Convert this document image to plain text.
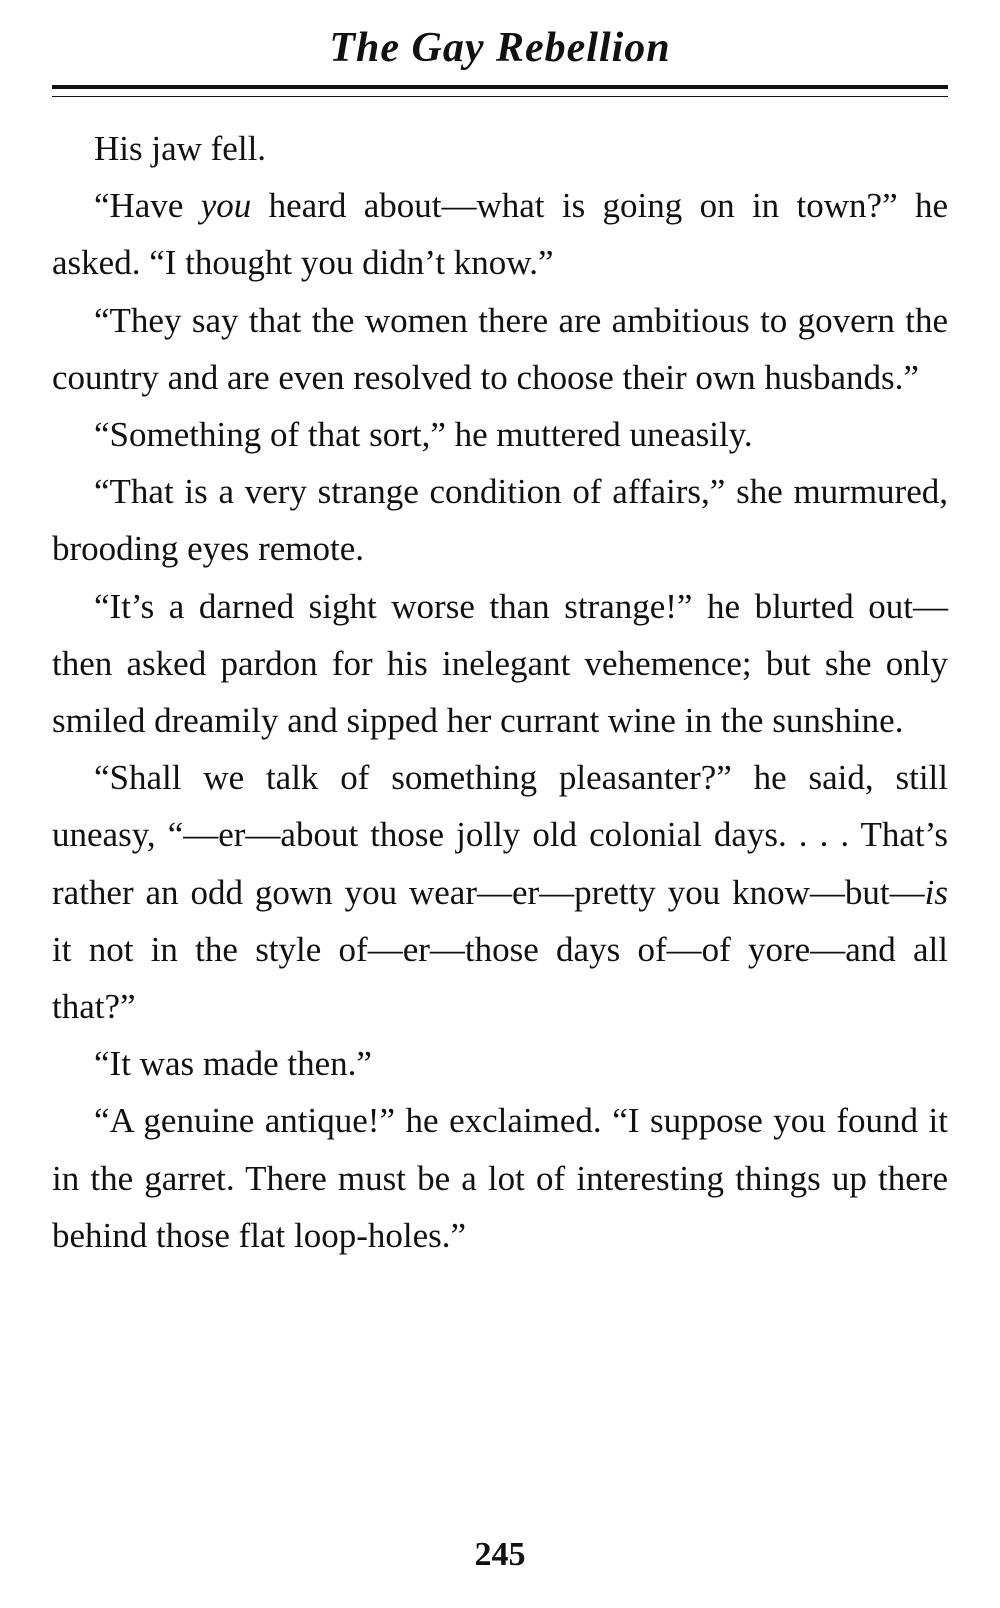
The Gay Rebellion

His jaw fell.

“Have you heard about—what is going on in town?” he asked. “I thought you didn’t know.”

“They say that the women there are ambitious to govern the country and are even resolved to choose their own husbands.”

“Something of that sort,” he muttered uneasily.

“That is a very strange condition of affairs,” she murmured, brooding eyes remote.

“It’s a darned sight worse than strange!” he blurted out—then asked pardon for his inelegant vehemence; but she only smiled dreamily and sipped her currant wine in the sunshine.

“Shall we talk of something pleasanter?” he said, still uneasy, “—er—about those jolly old colonial days. . . . That’s rather an odd gown you wear—er—pretty you know—but—is it not in the style of—er—those days of—of yore—and all that?”

“It was made then.”

“A genuine antique!” he exclaimed. “I suppose you found it in the garret. There must be a lot of interesting things up there behind those flat loop-holes.”

245
